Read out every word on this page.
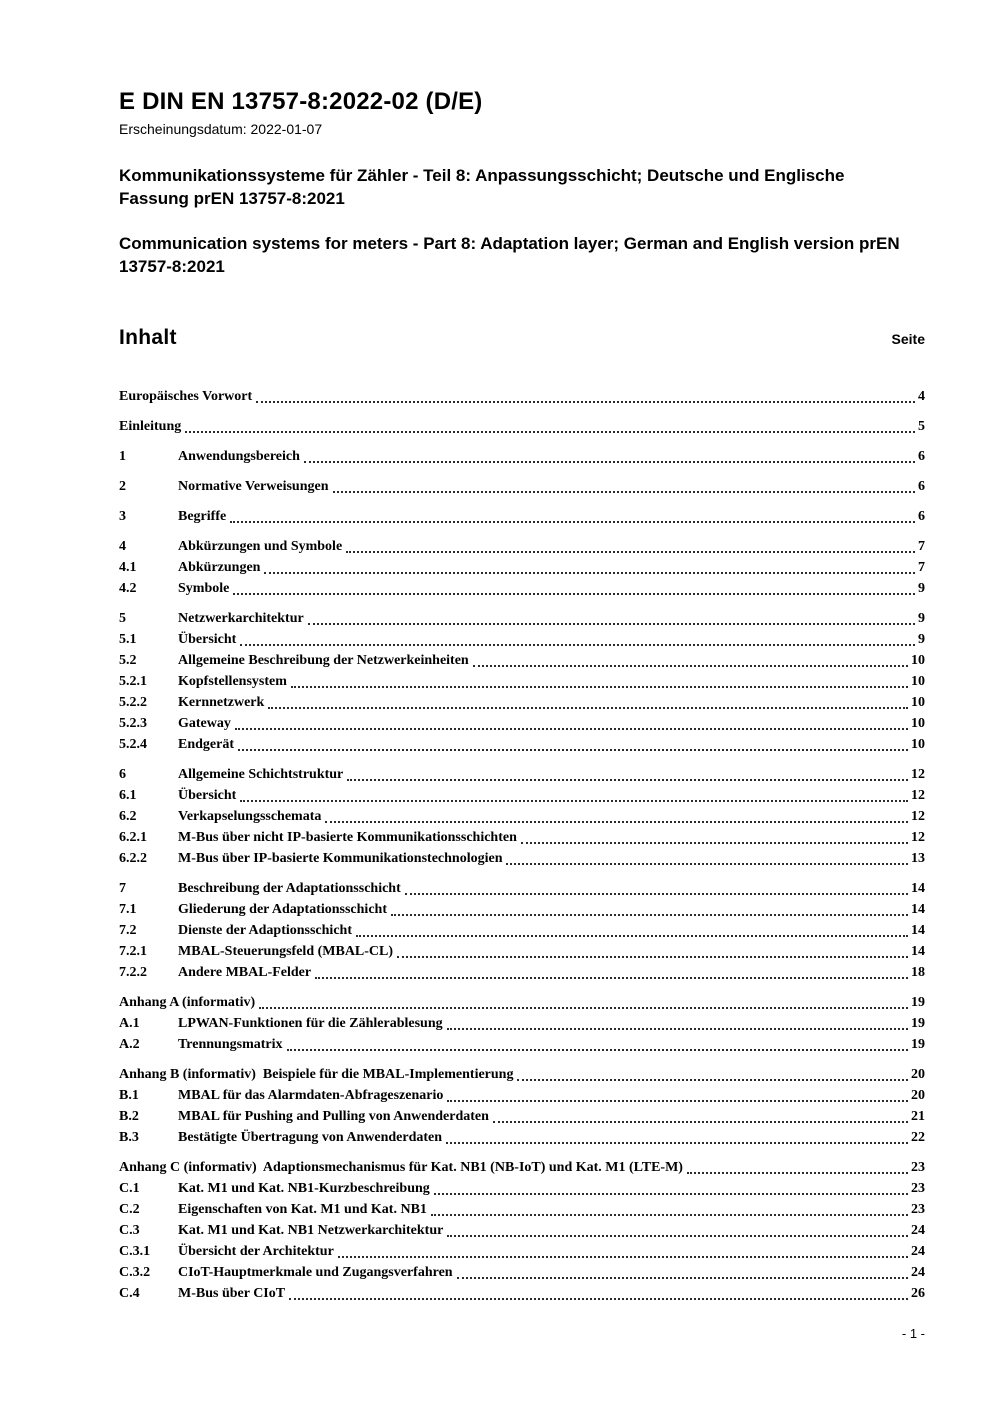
E DIN EN 13757-8:2022-02 (D/E)
Erscheinungsdatum: 2022-01-07

Kommunikationssysteme für Zähler - Teil 8: Anpassungsschicht; Deutsche und Englische Fassung prEN 13757-8:2021

Communication systems for meters - Part 8: Adaptation layer; German and English version prEN 13757-8:2021

Inhalt	Seite
Europäisches Vorwort	4
Einleitung	5
1	Anwendungsbereich	6
2	Normative Verweisungen	6
3	Begriffe	6
4	Abkürzungen und Symbole	7
4.1	Abkürzungen	7
4.2	Symbole	9
5	Netzwerkarchitektur	9
5.1	Übersicht	9
5.2	Allgemeine Beschreibung der Netzwerkeinheiten	10
5.2.1	Kopfstellensystem	10
5.2.2	Kernnetzwerk	10
5.2.3	Gateway	10
5.2.4	Endgerät	10
6	Allgemeine Schichtstruktur	12
6.1	Übersicht	12
6.2	Verkapselungsschemata	12
6.2.1	M-Bus über nicht IP-basierte Kommunikationsschichten	12
6.2.2	M-Bus über IP-basierte Kommunikationstechnologien	13
7	Beschreibung der Adaptationsschicht	14
7.1	Gliederung der Adaptationsschicht	14
7.2	Dienste der Adaptionsschicht	14
7.2.1	MBAL-Steuerungsfeld (MBAL-CL)	14
7.2.2	Andere MBAL-Felder	18
Anhang A (informativ)	19
A.1	LPWAN-Funktionen für die Zählerablesung	19
A.2	Trennungsmatrix	19
Anhang B (informativ)  Beispiele für die MBAL-Implementierung	20
B.1	MBAL für das Alarmdaten-Abfrageszenario	20
B.2	MBAL für Pushing and Pulling von Anwenderdaten	21
B.3	Bestätigte Übertragung von Anwenderdaten	22
Anhang C (informativ)  Adaptionsmechanismus für Kat. NB1 (NB-IoT) und Kat. M1 (LTE-M)	23
C.1	Kat. M1 und Kat. NB1-Kurzbeschreibung	23
C.2	Eigenschaften von Kat. M1 und Kat. NB1	23
C.3	Kat. M1 und Kat. NB1 Netzwerkarchitektur	24
C.3.1	Übersicht der Architektur	24
C.3.2	CIoT-Hauptmerkmale und Zugangsverfahren	24
C.4	M-Bus über CIoT	26
- 1 -
